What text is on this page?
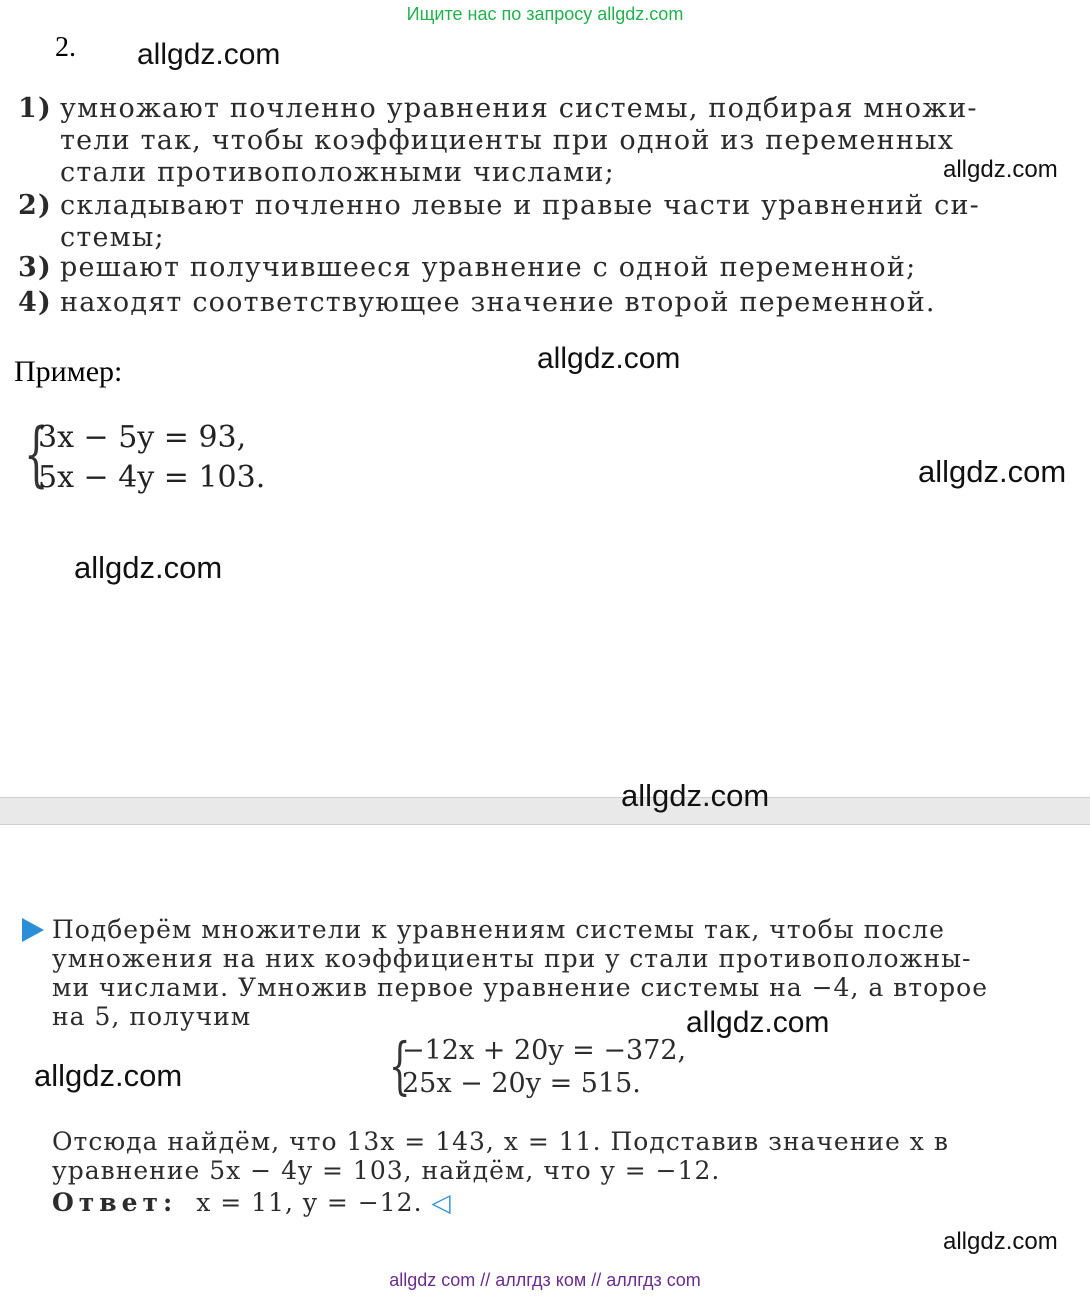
Ищите нас по запросу allgdz.com
2. allgdz.com
allgdz.com
allgdz.com
allgdz.com
allgdz.com
allgdz.com
allgdz.com
allgdz.com
1) умножают почленно уравнения системы, подбирая множи-
тели так, чтобы коэффициенты при одной из переменных
стали противоположными числами;
2) складывают почленно левые и правые части уравнений си-
стемы;
3) решают получившееся уравнение с одной переменной;
4) находят соответствующее значение второй переменной.
Пример:
{
3x − 5y = 93,
5x − 4y = 103.
allgdz.com
Подберём множители к уравнениям системы так, чтобы после
умножения на них коэффициенты при y стали противоположны-
ми числами. Умножив первое уравнение системы на −4, а второе
на 5, получим
{
−12x + 20y = −372,
25x − 20y = 515.
Отсюда найдём, что 13x = 143, x = 11. Подставив значение x в
уравнение 5x − 4y = 103, найдём, что y = −12.
Ответ: x = 11, y = −12. ◁
allgdz com // аллгдз ком // аллгдз com
